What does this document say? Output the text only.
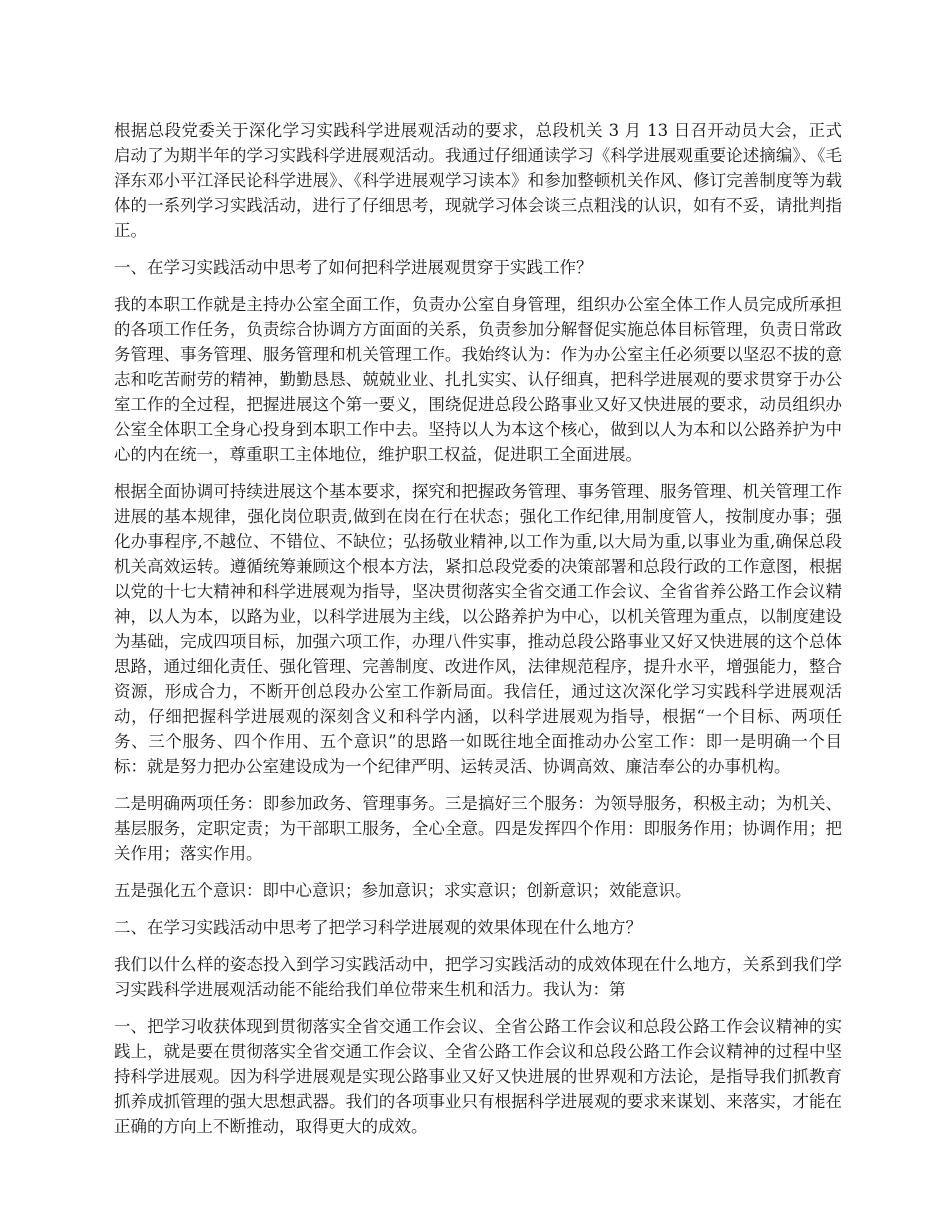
根据总段党委关于深化学习实践科学进展观活动的要求，总段机关 3 月 13 日召开动员大会，正式启动了为期半年的学习实践科学进展观活动。我通过仔细通读学习《科学进展观重要论述摘编》、《毛泽东邓小平江泽民论科学进展》、《科学进展观学习读本》和参加整顿机关作风、修订完善制度等为载体的一系列学习实践活动，进行了仔细思考，现就学习体会谈三点粗浅的认识，如有不妥，请批判指正。

一、在学习实践活动中思考了如何把科学进展观贯穿于实践工作？

我的本职工作就是主持办公室全面工作，负责办公室自身管理，组织办公室全体工作人员完成所承担的各项工作任务，负责综合协调方方面面的关系，负责参加分解督促实施总体目标管理，负责日常政务管理、事务管理、服务管理和机关管理工作。我始终认为：作为办公室主任必须要以坚忍不拔的意志和吃苦耐劳的精神，勤勤恳恳、兢兢业业、扎扎实实、认仔细真，把科学进展观的要求贯穿于办公室工作的全过程，把握进展这个第一要义，围绕促进总段公路事业又好又快进展的要求，动员组织办公室全体职工全身心投身到本职工作中去。坚持以人为本这个核心，做到以人为本和以公路养护为中心的内在统一，尊重职工主体地位，维护职工权益，促进职工全面进展。

根据全面协调可持续进展这个基本要求，探究和把握政务管理、事务管理、服务管理、机关管理工作进展的基本规律，强化岗位职责,做到在岗在行在状态；强化工作纪律,用制度管人，按制度办事；强化办事程序,不越位、不错位、不缺位；弘扬敬业精神,以工作为重,以大局为重,以事业为重,确保总段机关高效运转。遵循统筹兼顾这个根本方法，紧扣总段党委的决策部署和总段行政的工作意图，根据以党的十七大精神和科学进展观为指导，坚决贯彻落实全省交通工作会议、全省省养公路工作会议精神，以人为本，以路为业，以科学进展为主线，以公路养护为中心，以机关管理为重点，以制度建设为基础，完成四项目标，加强六项工作，办理八件实事，推动总段公路事业又好又快进展的这个总体思路，通过细化责任、强化管理、完善制度、改进作风，法律规范程序，提升水平，增强能力，整合资源，形成合力，不断开创总段办公室工作新局面。我信任，通过这次深化学习实践科学进展观活动，仔细把握科学进展观的深刻含义和科学内涵，以科学进展观为指导，根据“一个目标、两项任务、三个服务、四个作用、五个意识”的思路一如既往地全面推动办公室工作：即一是明确一个目标：就是努力把办公室建设成为一个纪律严明、运转灵活、协调高效、廉洁奉公的办事机构。

二是明确两项任务：即参加政务、管理事务。三是搞好三个服务：为领导服务，积极主动；为机关、基层服务，定职定责；为干部职工服务，全心全意。四是发挥四个作用：即服务作用；协调作用；把关作用；落实作用。

五是强化五个意识：即中心意识；参加意识；求实意识；创新意识；效能意识。

二、在学习实践活动中思考了把学习科学进展观的效果体现在什么地方？

我们以什么样的姿态投入到学习实践活动中，把学习实践活动的成效体现在什么地方，关系到我们学习实践科学进展观活动能不能给我们单位带来生机和活力。我认为：第

一、把学习收获体现到贯彻落实全省交通工作会议、全省公路工作会议和总段公路工作会议精神的实践上，就是要在贯彻落实全省交通工作会议、全省公路工作会议和总段公路工作会议精神的过程中坚持科学进展观。因为科学进展观是实现公路事业又好又快进展的世界观和方法论，是指导我们抓教育抓养成抓管理的强大思想武器。我们的各项事业只有根据科学进展观的要求来谋划、来落实，才能在正确的方向上不断推动，取得更大的成效。
